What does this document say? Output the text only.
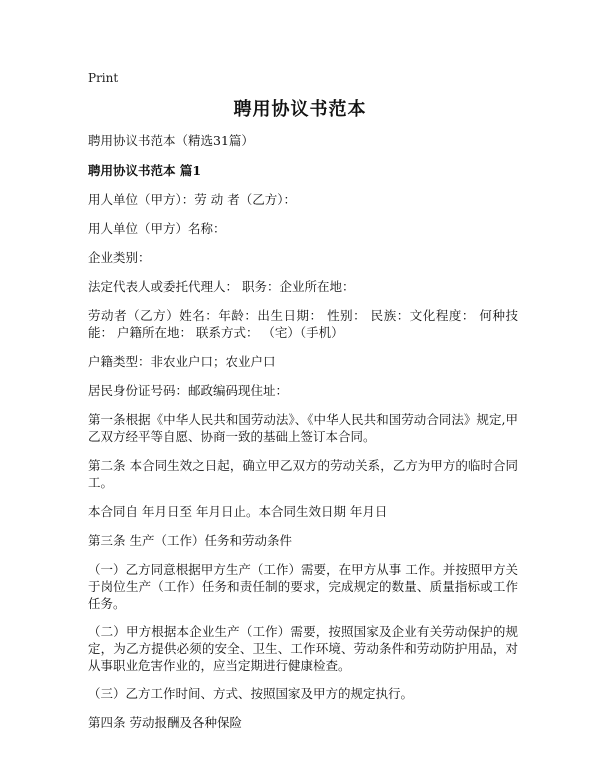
Print
聘用协议书范本

聘用协议书范本（精选31篇）

聘用协议书范本 篇1

用人单位（甲方）：劳 动 者（乙方）：

用人单位（甲方）名称：

企业类别：

法定代表人或委托代理人： 职务：企业所在地：

劳动者（乙方）姓名：年龄：出生日期： 性别： 民族：文化程度： 何种技能： 户籍所在地： 联系方式： （宅）（手机）

户籍类型：非农业户口；农业户口

居民身份证号码：邮政编码现住址：

第一条根据《中华人民共和国劳动法》、《中华人民共和国劳动合同法》规定,甲乙双方经平等自愿、协商一致的基础上签订本合同。

第二条 本合同生效之日起，确立甲乙双方的劳动关系，乙方为甲方的临时合同工。

本合同自 年月日至 年月日止。本合同生效日期 年月日

第三条 生产（工作）任务和劳动条件

（一）乙方同意根据甲方生产（工作）需要，在甲方从事 工作。并按照甲方关于岗位生产（工作）任务和责任制的要求，完成规定的数量、质量指标或工作任务。

（二）甲方根据本企业生产（工作）需要，按照国家及企业有关劳动保护的规定，为乙方提供必须的安全、卫生、工作环境、劳动条件和劳动防护用品，对从事职业危害作业的，应当定期进行健康检查。

（三）乙方工作时间、方式、按照国家及甲方的规定执行。

第四条 劳动报酬及各种保险
